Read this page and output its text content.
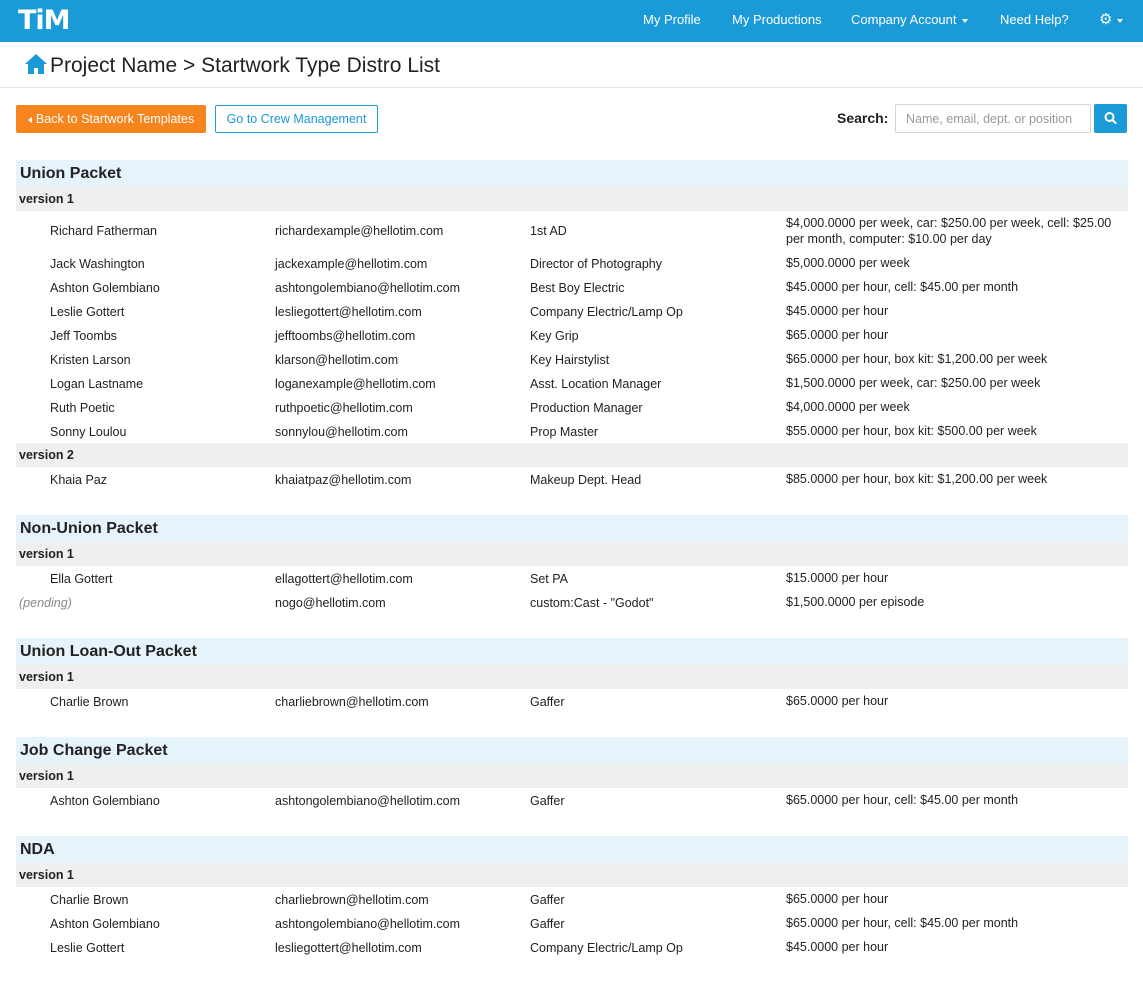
TiM	My Profile My Productions Company Account	Need Help? ⚙
Project Name > Startwork Type Distro List
Back to Startwork Templates	Go to Crew Management	Search:
Name, email, dept. or position
Union Packet
version 1
Richard Fatherman	richardexample@hellotim.com	1st AD
$4,000.0000 per week, car: $250.00 per week, cell: $25.00 per month, computer: $10.00 per day
Jack Washington	jackexample@hellotim.com	Director of Photography	$5,000.0000 per week
Ashton Golembiano	ashtongolembiano@hellotim.com	Best Boy Electric	$45.0000 per hour, cell: $45.00 per month
Leslie Gottert	lesliegottert@hellotim.com	Company Electric/Lamp Op	$45.0000 per hour
Jeff Toombs	jefftoombs@hellotim.com	Key Grip	$65.0000 per hour
Kristen Larson	klarson@hellotim.com	Key Hairstylist	$65.0000 per hour, box kit: $1,200.00 per week
Logan Lastname	loganexample@hellotim.com	Asst. Location Manager	$1,500.0000 per week, car: $250.00 per week
Ruth Poetic	ruthpoetic@hellotim.com	Production Manager	$4,000.0000 per week
Sonny Loulou	sonnylou@hellotim.com	Prop Master	$55.0000 per hour, box kit: $500.00 per week
version 2
Khaia Paz	khaiatpaz@hellotim.com	Makeup Dept. Head	$85.0000 per hour, box kit: $1,200.00 per week
Non-Union Packet
version 1
Ella Gottert	ellagottert@hellotim.com	Set PA	$15.0000 per hour
(pending)	nogo@hellotim.com	custom:Cast - "Godot"	$1,500.0000 per episode
Union Loan-Out Packet
version 1
Charlie Brown	charliebrown@hellotim.com	Gaffer	$65.0000 per hour
Job Change Packet
version 1
Ashton Golembiano	ashtongolembiano@hellotim.com	Gaffer	$65.0000 per hour, cell: $45.00 per month
NDA
version 1
Charlie Brown	charliebrown@hellotim.com	Gaffer	$65.0000 per hour
Ashton Golembiano	ashtongolembiano@hellotim.com	Gaffer	$65.0000 per hour, cell: $45.00 per month
Leslie Gottert	lesliegottert@hellotim.com	Company Electric/Lamp Op	$45.0000 per hour
